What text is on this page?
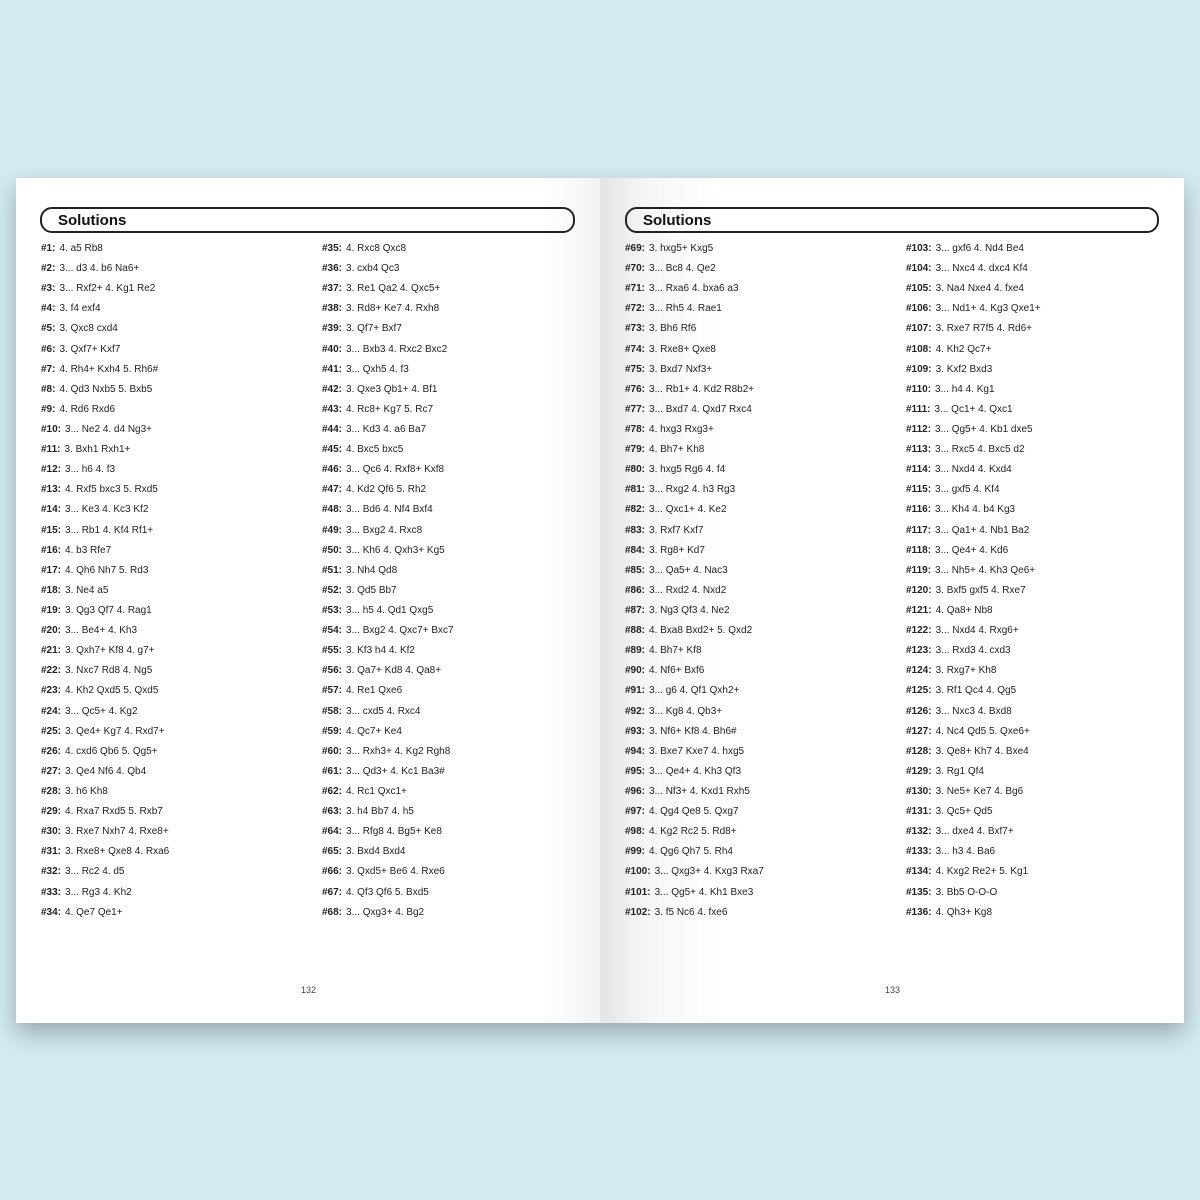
Solutions
#1: 4. a5 Rb8
#2: 3... d3 4. b6 Na6+
#3: 3... Rxf2+ 4. Kg1 Re2
#4: 3. f4 exf4
#5: 3. Qxc8 cxd4
#6: 3. Qxf7+ Kxf7
#7: 4. Rh4+ Kxh4 5. Rh6#
#8: 4. Qd3 Nxb5 5. Bxb5
#9: 4. Rd6 Rxd6
#10: 3... Ne2 4. d4 Ng3+
#11: 3. Bxh1 Rxh1+
#12: 3... h6 4. f3
#13: 4. Rxf5 bxc3 5. Rxd5
#14: 3... Ke3 4. Kc3 Kf2
#15: 3... Rb1 4. Kf4 Rf1+
#16: 4. b3 Rfe7
#17: 4. Qh6 Nh7 5. Rd3
#18: 3. Ne4 a5
#19: 3. Qg3 Qf7 4. Rag1
#20: 3... Be4+ 4. Kh3
#21: 3. Qxh7+ Kf8 4. g7+
#22: 3. Nxc7 Rd8 4. Ng5
#23: 4. Kh2 Qxd5 5. Qxd5
#24: 3... Qc5+ 4. Kg2
#25: 3. Qe4+ Kg7 4. Rxd7+
#26: 4. cxd6 Qb6 5. Qg5+
#27: 3. Qe4 Nf6 4. Qb4
#28: 3. h6 Kh8
#29: 4. Rxa7 Rxd5 5. Rxb7
#30: 3. Rxe7 Nxh7 4. Rxe8+
#31: 3. Rxe8+ Qxe8 4. Rxa6
#32: 3... Rc2 4. d5
#33: 3... Rg3 4. Kh2
#34: 4. Qe7 Qe1+
#35: 4. Rxc8 Qxc8
#36: 3. cxb4 Qc3
#37: 3. Re1 Qa2 4. Qxc5+
#38: 3. Rd8+ Ke7 4. Rxh8
#39: 3. Qf7+ Bxf7
#40: 3... Bxb3 4. Rxc2 Bxc2
#41: 3... Qxh5 4. f3
#42: 3. Qxe3 Qb1+ 4. Bf1
#43: 4. Rc8+ Kg7 5. Rc7
#44: 3... Kd3 4. a6 Ba7
#45: 4. Bxc5 bxc5
#46: 3... Qc6 4. Rxf8+ Kxf8
#47: 4. Kd2 Qf6 5. Rh2
#48: 3... Bd6 4. Nf4 Bxf4
#49: 3... Bxg2 4. Rxc8
#50: 3... Kh6 4. Qxh3+ Kg5
#51: 3. Nh4 Qd8
#52: 3. Qd5 Bb7
#53: 3... h5 4. Qd1 Qxg5
#54: 3... Bxg2 4. Qxc7+ Bxc7
#55: 3. Kf3 h4 4. Kf2
#56: 3. Qa7+ Kd8 4. Qa8+
#57: 4. Re1 Qxe6
#58: 3... cxd5 4. Rxc4
#59: 4. Qc7+ Ke4
#60: 3... Rxh3+ 4. Kg2 Rgh8
#61: 3... Qd3+ 4. Kc1 Ba3#
#62: 4. Rc1 Qxc1+
#63: 3. h4 Bb7 4. h5
#64: 3... Rfg8 4. Bg5+ Ke8
#65: 3. Bxd4 Bxd4
#66: 3. Qxd5+ Be6 4. Rxe6
#67: 4. Qf3 Qf6 5. Bxd5
#68: 3... Qxg3+ 4. Bg2
132
Solutions
#69: 3. hxg5+ Kxg5
#70: 3... Bc8 4. Qe2
#71: 3... Rxa6 4. bxa6 a3
#72: 3... Rh5 4. Rae1
#73: 3. Bh6 Rf6
#74: 3. Rxe8+ Qxe8
#75: 3. Bxd7 Nxf3+
#76: 3... Rb1+ 4. Kd2 R8b2+
#77: 3... Bxd7 4. Qxd7 Rxc4
#78: 4. hxg3 Rxg3+
#79: 4. Bh7+ Kh8
#80: 3. hxg5 Rg6 4. f4
#81: 3... Rxg2 4. h3 Rg3
#82: 3... Qxc1+ 4. Ke2
#83: 3. Rxf7 Kxf7
#84: 3. Rg8+ Kd7
#85: 3... Qa5+ 4. Nac3
#86: 3... Rxd2 4. Nxd2
#87: 3. Ng3 Qf3 4. Ne2
#88: 4. Bxa8 Bxd2+ 5. Qxd2
#89: 4. Bh7+ Kf8
#90: 4. Nf6+ Bxf6
#91: 3... g6 4. Qf1 Qxh2+
#92: 3... Kg8 4. Qb3+
#93: 3. Nf6+ Kf8 4. Bh6#
#94: 3. Bxe7 Kxe7 4. hxg5
#95: 3... Qe4+ 4. Kh3 Qf3
#96: 3... Nf3+ 4. Kxd1 Rxh5
#97: 4. Qg4 Qe8 5. Qxg7
#98: 4. Kg2 Rc2 5. Rd8+
#99: 4. Qg6 Qh7 5. Rh4
#100: 3... Qxg3+ 4. Kxg3 Rxa7
#101: 3... Qg5+ 4. Kh1 Bxe3
#102: 3. f5 Nc6 4. fxe6
#103: 3... gxf6 4. Nd4 Be4
#104: 3... Nxc4 4. dxc4 Kf4
#105: 3. Na4 Nxe4 4. fxe4
#106: 3... Nd1+ 4. Kg3 Qxe1+
#107: 3. Rxe7 R7f5 4. Rd6+
#108: 4. Kh2 Qc7+
#109: 3. Kxf2 Bxd3
#110: 3... h4 4. Kg1
#111: 3... Qc1+ 4. Qxc1
#112: 3... Qg5+ 4. Kb1 dxe5
#113: 3... Rxc5 4. Bxc5 d2
#114: 3... Nxd4 4. Kxd4
#115: 3... gxf5 4. Kf4
#116: 3... Kh4 4. b4 Kg3
#117: 3... Qa1+ 4. Nb1 Ba2
#118: 3... Qe4+ 4. Kd6
#119: 3... Nh5+ 4. Kh3 Qe6+
#120: 3. Bxf5 gxf5 4. Rxe7
#121: 4. Qa8+ Nb8
#122: 3... Nxd4 4. Rxg6+
#123: 3... Rxd3 4. cxd3
#124: 3. Rxg7+ Kh8
#125: 3. Rf1 Qc4 4. Qg5
#126: 3... Nxc3 4. Bxd8
#127: 4. Nc4 Qd5 5. Qxe6+
#128: 3. Qe8+ Kh7 4. Bxe4
#129: 3. Rg1 Qf4
#130: 3. Ne5+ Ke7 4. Bg6
#131: 3. Qc5+ Qd5
#132: 3... dxe4 4. Bxf7+
#133: 3... h3 4. Ba6
#134: 4. Kxg2 Re2+ 5. Kg1
#135: 3. Bb5 O-O-O
#136: 4. Qh3+ Kg8
133
